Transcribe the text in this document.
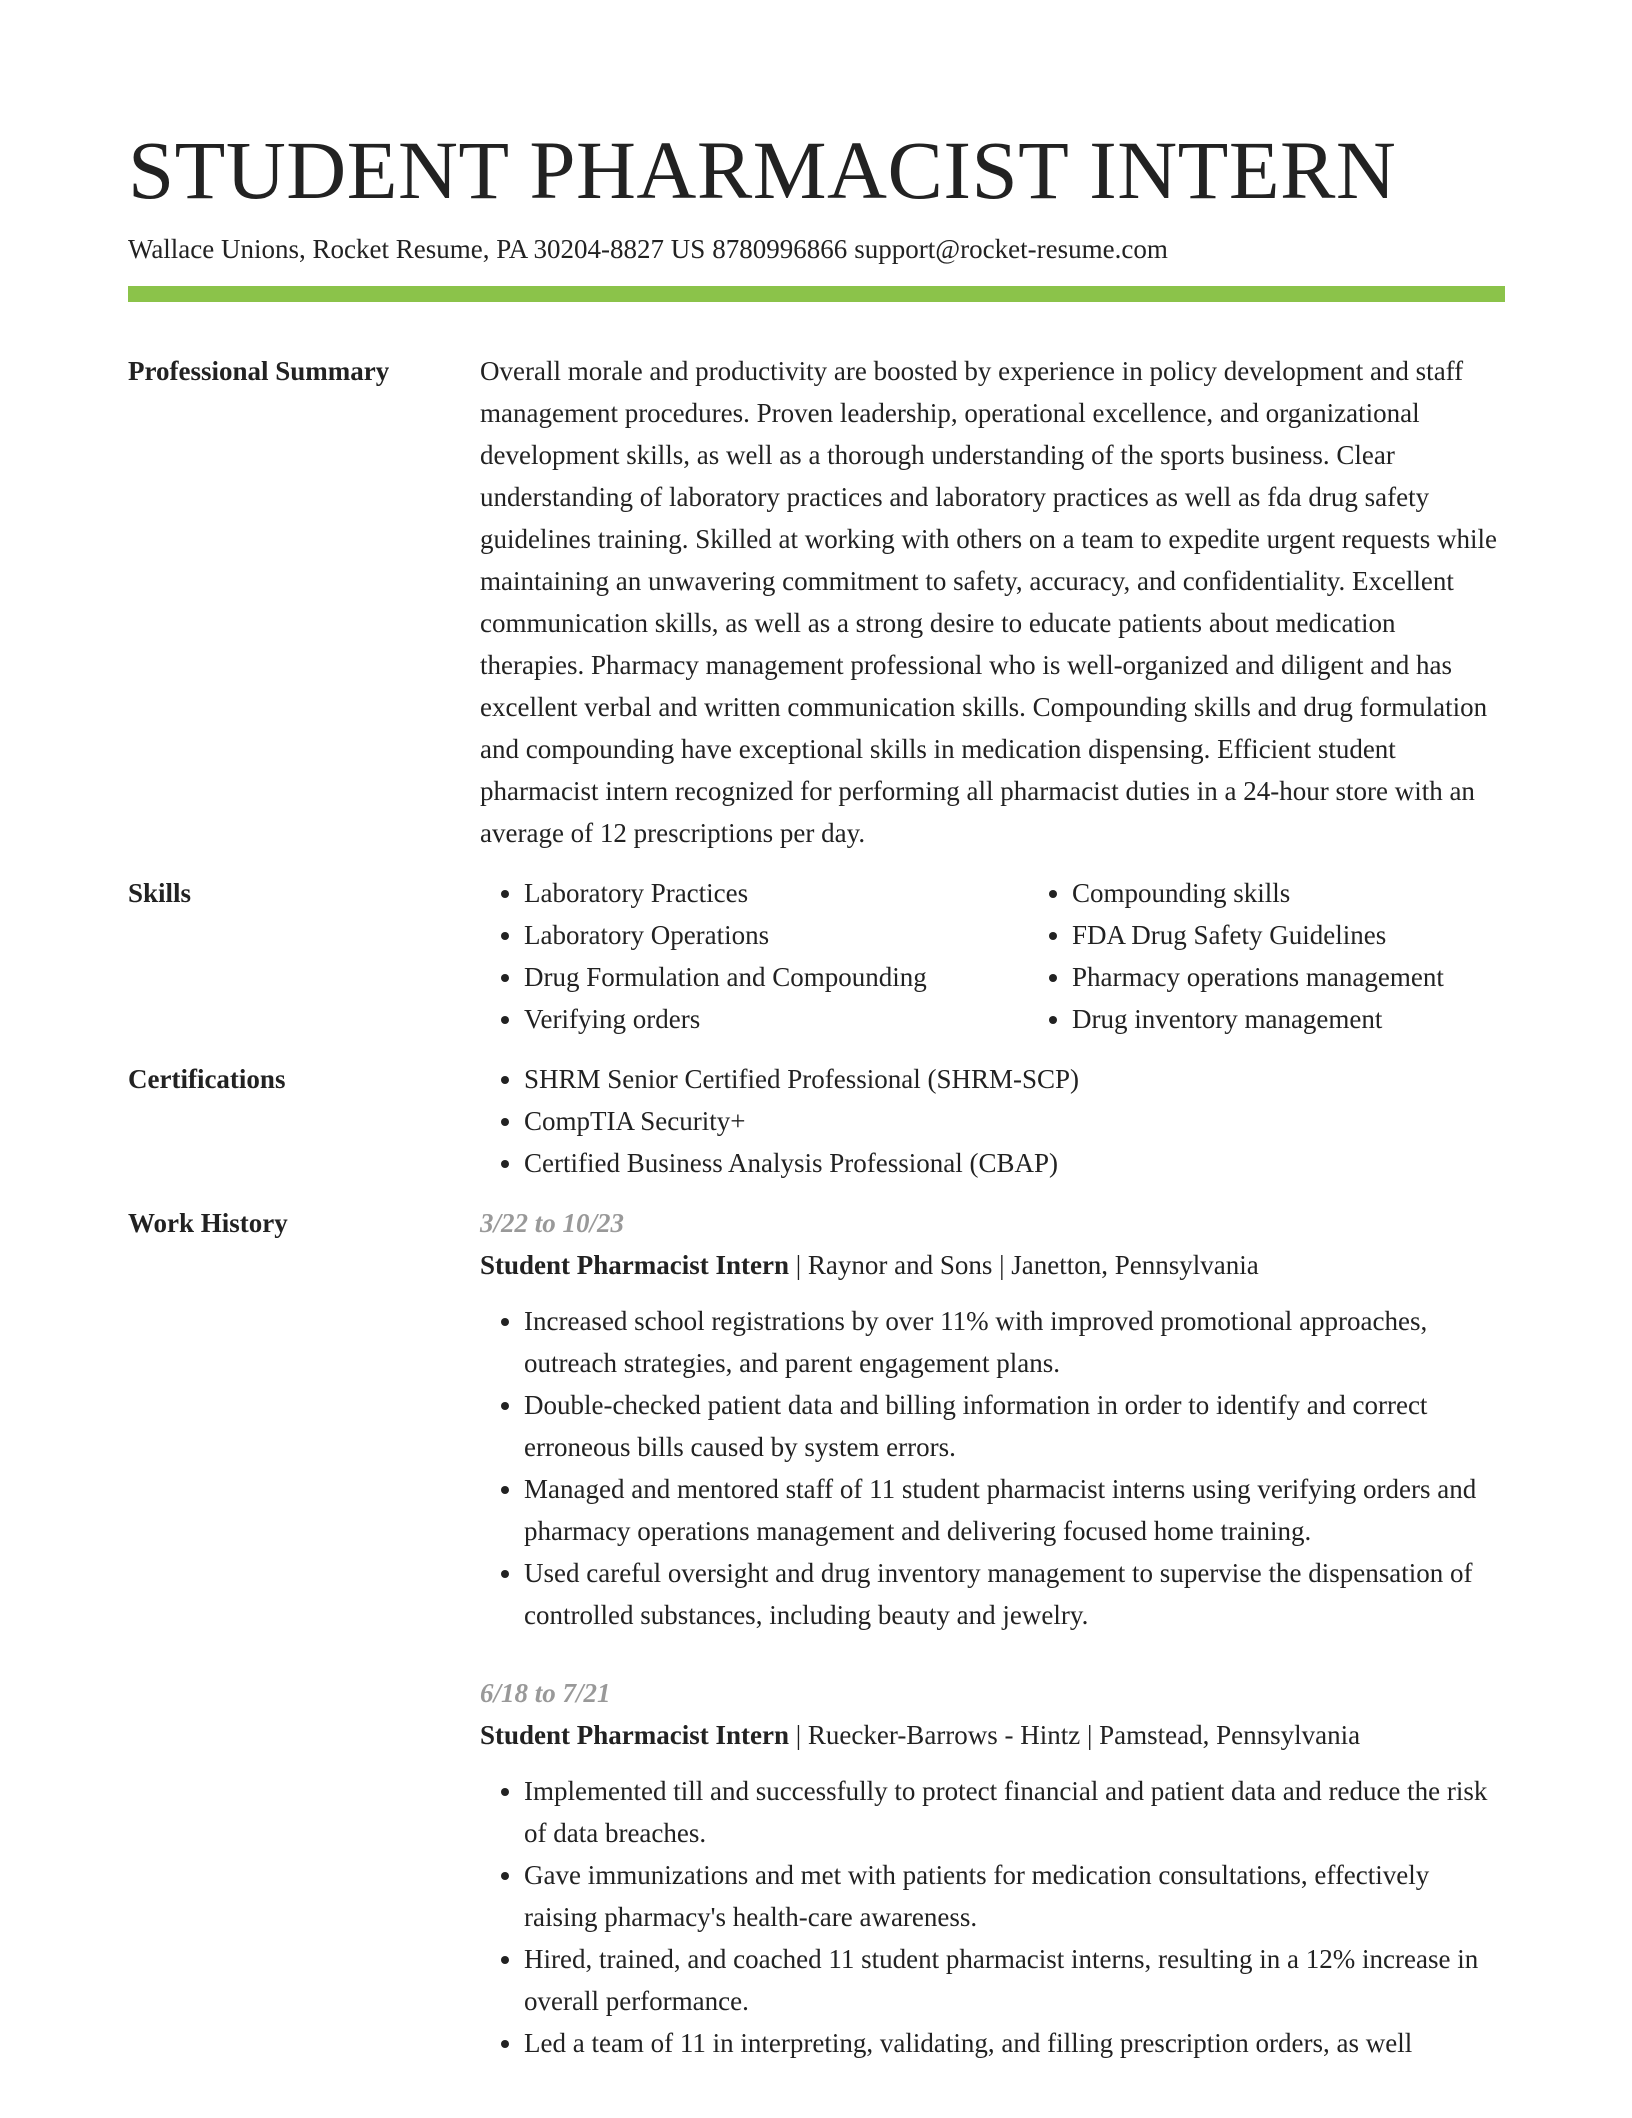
STUDENT PHARMACIST INTERN
Wallace Unions, Rocket Resume, PA 30204-8827 US 8780996866 support@rocket-resume.com
Professional Summary	Overall morale and productivity are boosted by experience in policy development and staff management procedures. Proven leadership, operational excellence, and organizational development skills, as well as a thorough understanding of the sports business. Clear understanding of laboratory practices and laboratory practices as well as fda drug safety guidelines training. Skilled at working with others on a team to expedite urgent requests while maintaining an unwavering commitment to safety, accuracy, and confidentiality. Excellent communication skills, as well as a strong desire to educate patients about medication therapies. Pharmacy management professional who is well-organized and diligent and has excellent verbal and written communication skills. Compounding skills and drug formulation and compounding have exceptional skills in medication dispensing. Efficient student pharmacist intern recognized for performing all pharmacist duties in a 24-hour store with an average of 12 prescriptions per day.

Skills	• Laboratory Practices
• Laboratory Operations
• Drug Formulation and Compounding
• Verifying orders
• Compounding skills
• FDA Drug Safety Guidelines
• Pharmacy operations management
• Drug inventory management
Certifications	• SHRM Senior Certified Professional (SHRM-SCP)
• CompTIA Security+
• Certified Business Analysis Professional (CBAP)
Work History	3/22 to 10/23
Student Pharmacist Intern | Raynor and Sons | Janetton, Pennsylvania
• Increased school registrations by over 11% with improved promotional approaches, outreach strategies, and parent engagement plans.
• Double-checked patient data and billing information in order to identify and correct erroneous bills caused by system errors.
• Managed and mentored staff of 11 student pharmacist interns using verifying orders and pharmacy operations management and delivering focused home training.
• Used careful oversight and drug inventory management to supervise the dispensation of controlled substances, including beauty and jewelry.
6/18 to 7/21
Student Pharmacist Intern | Ruecker-Barrows - Hintz | Pamstead, Pennsylvania
• Implemented till and successfully to protect financial and patient data and reduce the risk of data breaches.
• Gave immunizations and met with patients for medication consultations, effectively raising pharmacy's health-care awareness.
• Hired, trained, and coached 11 student pharmacist interns, resulting in a 12% increase in overall performance.
• Led a team of 11 in interpreting, validating, and filling prescription orders, as well
